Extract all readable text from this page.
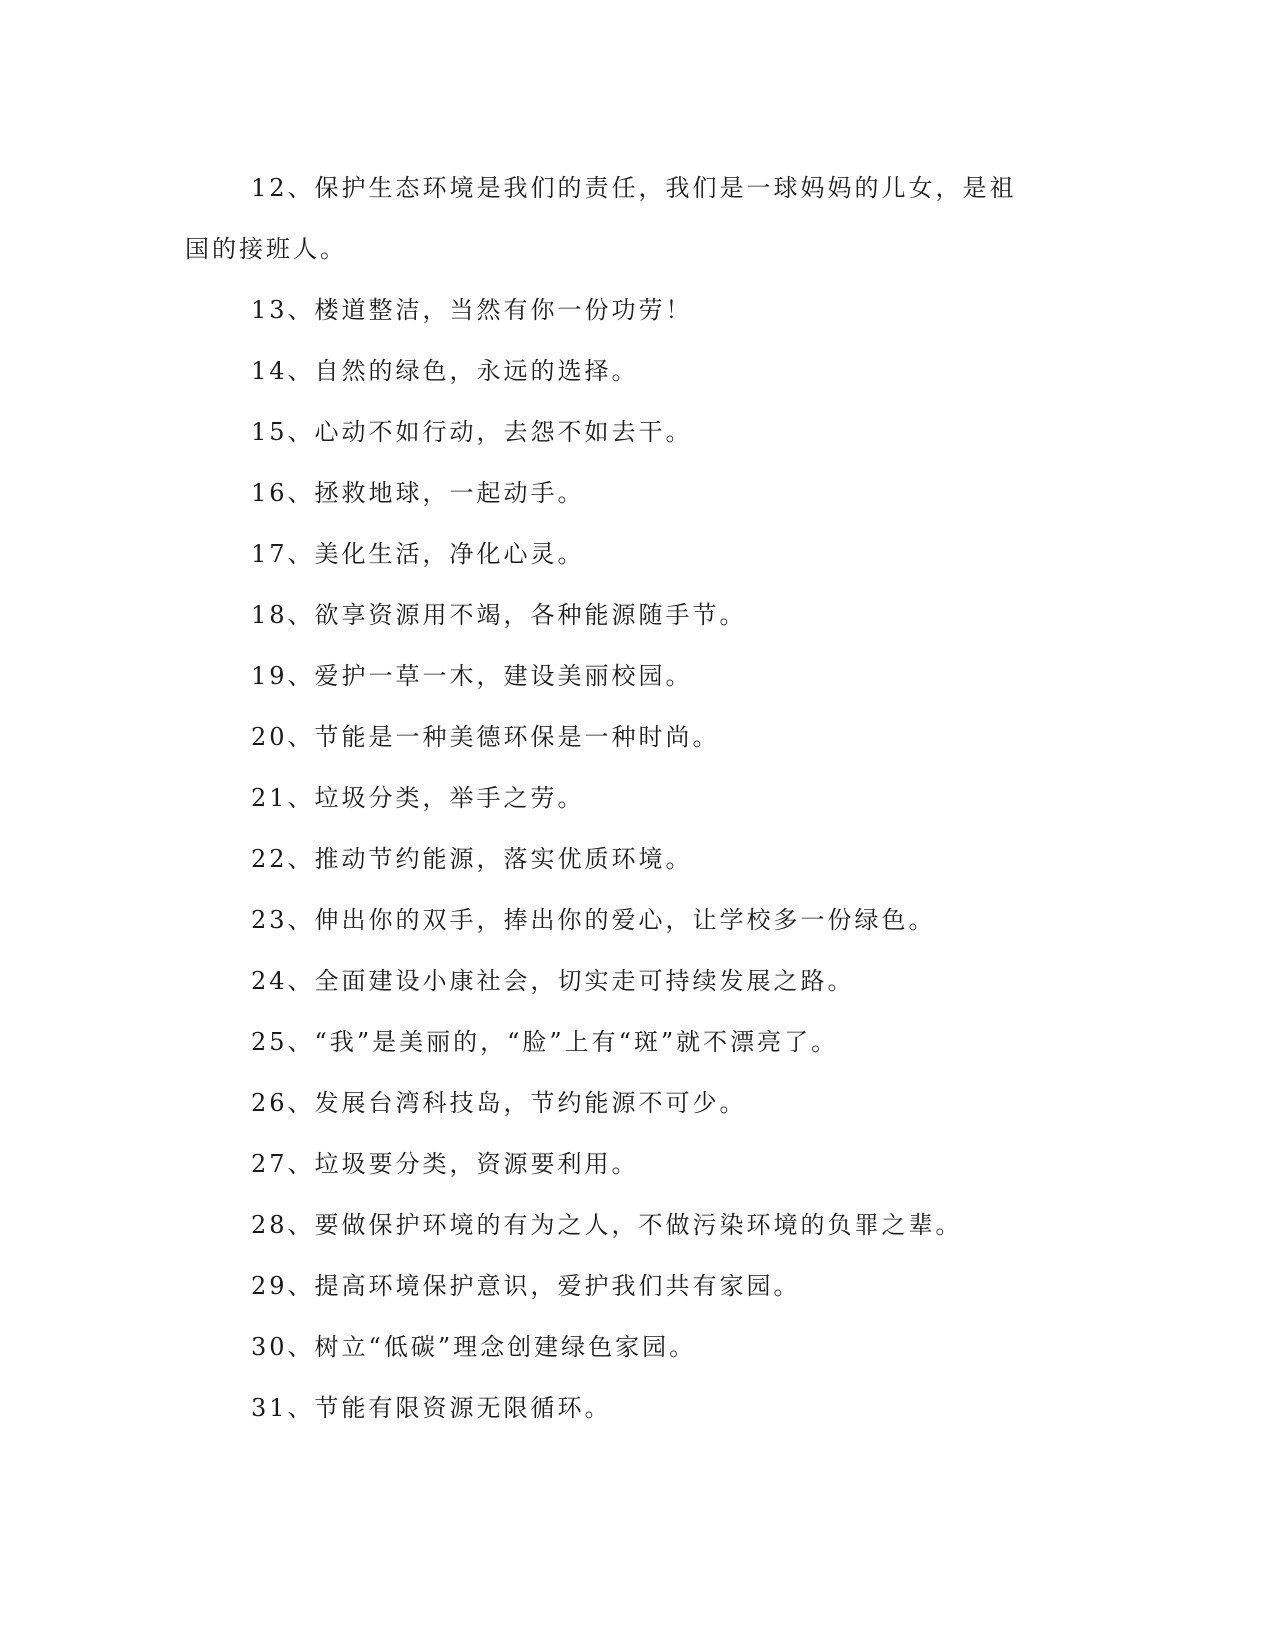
12、保护生态环境是我们的责任，我们是一球妈妈的儿女，是祖
国的接班人。

13、楼道整洁，当然有你一份功劳！

14、自然的绿色，永远的选择。

15、心动不如行动，去怨不如去干。

16、拯救地球，一起动手。

17、美化生活，净化心灵。

18、欲享资源用不竭，各种能源随手节。

19、爱护一草一木，建设美丽校园。

20、节能是一种美德环保是一种时尚。

21、垃圾分类，举手之劳。

22、推动节约能源，落实优质环境。

23、伸出你的双手，捧出你的爱心，让学校多一份绿色。

24、全面建设小康社会，切实走可持续发展之路。

25、“我”是美丽的，“脸”上有“斑”就不漂亮了。

26、发展台湾科技岛，节约能源不可少。

27、垃圾要分类，资源要利用。

28、要做保护环境的有为之人，不做污染环境的负罪之辈。

29、提高环境保护意识，爱护我们共有家园。

30、树立“低碳”理念创建绿色家园。

31、节能有限资源无限循环。
